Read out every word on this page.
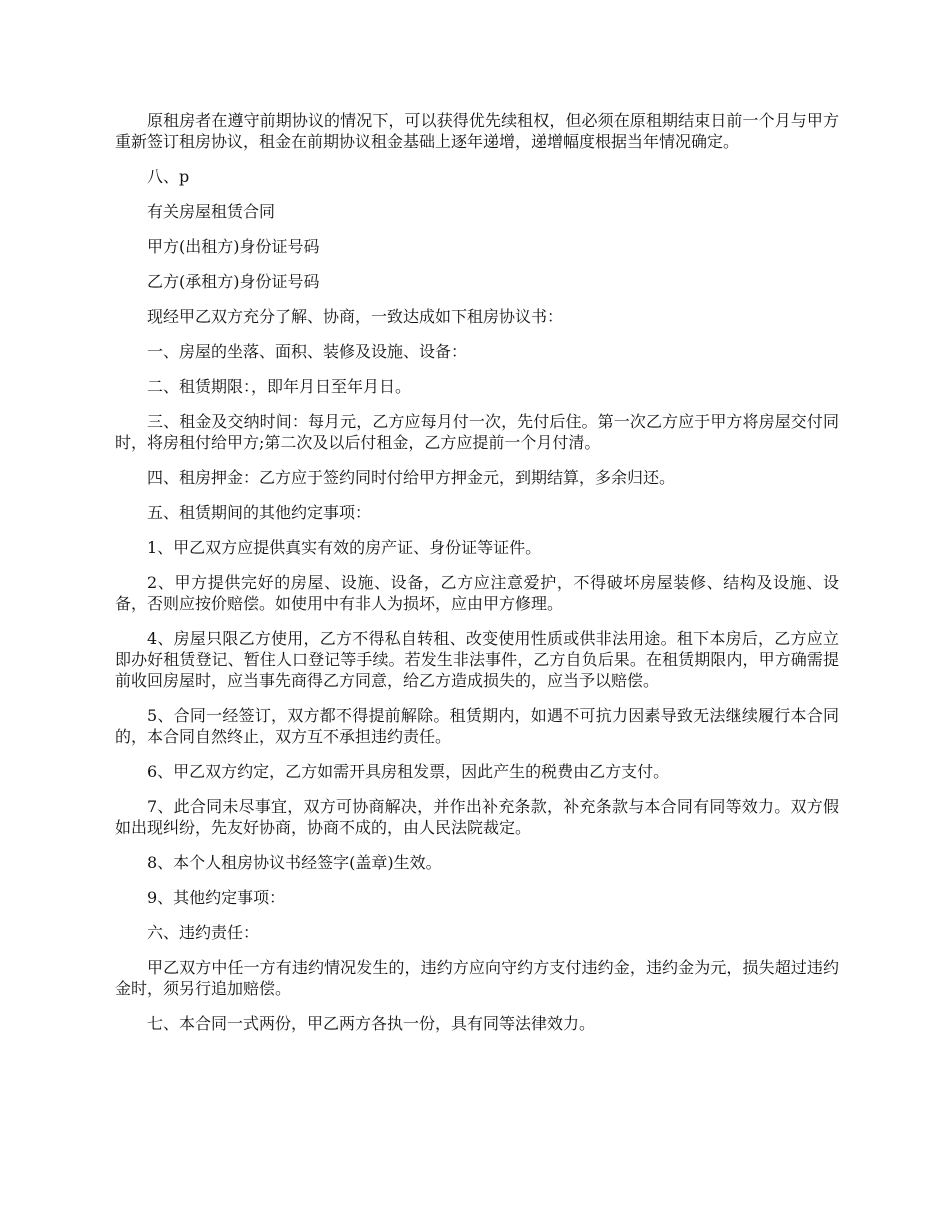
原租房者在遵守前期协议的情况下，可以获得优先续租权，但必须在原租期结束日前一个月与甲方重新签订租房协议，租金在前期协议租金基础上逐年递增，递增幅度根据当年情况确定。

八、p

有关房屋租赁合同

甲方(出租方)身份证号码

乙方(承租方)身份证号码

现经甲乙双方充分了解、协商，一致达成如下租房协议书：

一、房屋的坐落、面积、装修及设施、设备：

二、租赁期限：，即年月日至年月日。

三、租金及交纳时间：每月元，乙方应每月付一次，先付后住。第一次乙方应于甲方将房屋交付同时，将房租付给甲方;第二次及以后付租金，乙方应提前一个月付清。

四、租房押金：乙方应于签约同时付给甲方押金元，到期结算，多余归还。

五、租赁期间的其他约定事项：

1、甲乙双方应提供真实有效的房产证、身份证等证件。

2、甲方提供完好的房屋、设施、设备，乙方应注意爱护，不得破坏房屋装修、结构及设施、设备，否则应按价赔偿。如使用中有非人为损坏，应由甲方修理。

4、房屋只限乙方使用，乙方不得私自转租、改变使用性质或供非法用途。租下本房后，乙方应立即办好租赁登记、暂住人口登记等手续。若发生非法事件，乙方自负后果。在租赁期限内，甲方确需提前收回房屋时，应当事先商得乙方同意，给乙方造成损失的，应当予以赔偿。

5、合同一经签订，双方都不得提前解除。租赁期内，如遇不可抗力因素导致无法继续履行本合同的，本合同自然终止，双方互不承担违约责任。

6、甲乙双方约定，乙方如需开具房租发票，因此产生的税费由乙方支付。

7、此合同未尽事宜，双方可协商解决，并作出补充条款，补充条款与本合同有同等效力。双方假如出现纠纷，先友好协商，协商不成的，由人民法院裁定。

8、本个人租房协议书经签字(盖章)生效。

9、其他约定事项：

六、违约责任：

甲乙双方中任一方有违约情况发生的，违约方应向守约方支付违约金，违约金为元，损失超过违约金时，须另行追加赔偿。

七、本合同一式两份，甲乙两方各执一份，具有同等法律效力。
